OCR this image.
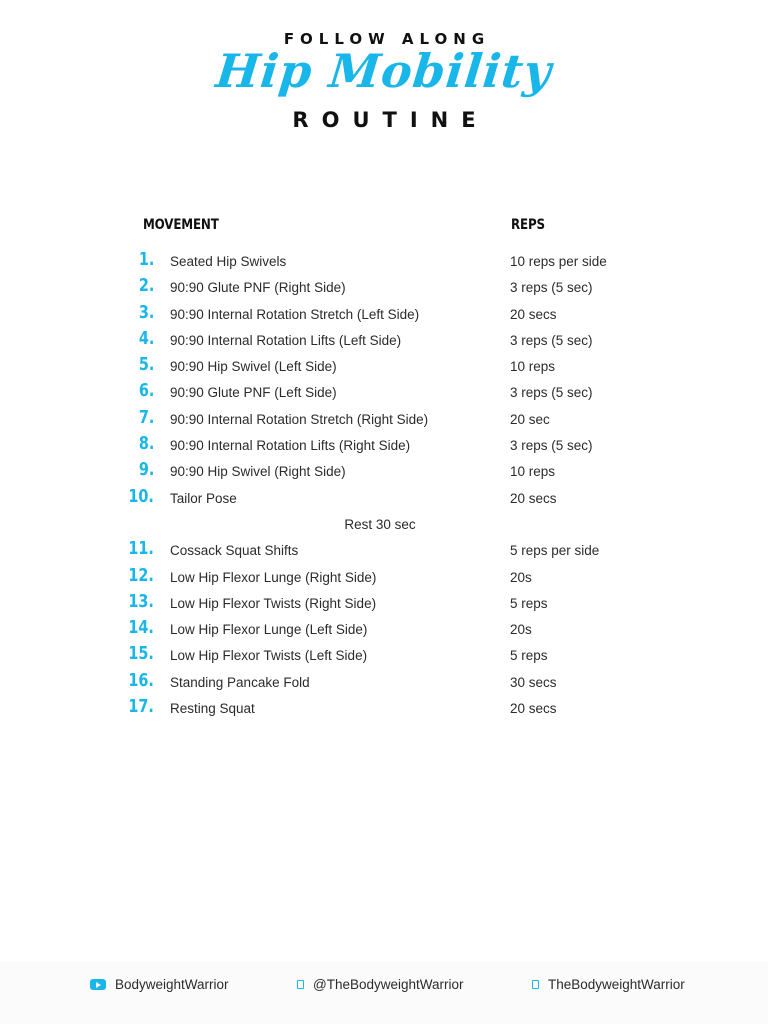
FOLLOW ALONG
Hip Mobility
ROUTINE
MOVEMENT	REPS
1. Seated Hip Swivels	10 reps per side
2. 90:90 Glute PNF (Right Side)	3 reps (5 sec)
3. 90:90 Internal Rotation Stretch (Left Side)	20 secs
4. 90:90 Internal Rotation Lifts (Left Side)	3 reps (5 sec)
5. 90:90 Hip Swivel (Left Side)	10 reps
6. 90:90 Glute PNF (Left Side)	3 reps (5 sec)
7. 90:90 Internal Rotation Stretch (Right Side)	20 sec
8. 90:90 Internal Rotation Lifts (Right Side)	3 reps (5 sec)
9. 90:90 Hip Swivel (Right Side)	10 reps
10. Tailor Pose	20 secs
Rest 30 sec
11. Cossack Squat Shifts	5 reps per side
12. Low Hip Flexor Lunge (Right Side)	20s
13. Low Hip Flexor Twists (Right Side)	5 reps
14. Low Hip Flexor Lunge (Left Side)	20s
15. Low Hip Flexor Twists (Left Side)	5 reps
16. Standing Pancake Fold	30 secs
17. Resting Squat	20 secs
BodyweightWarrior	@TheBodyweightWarrior	TheBodyweightWarrior
